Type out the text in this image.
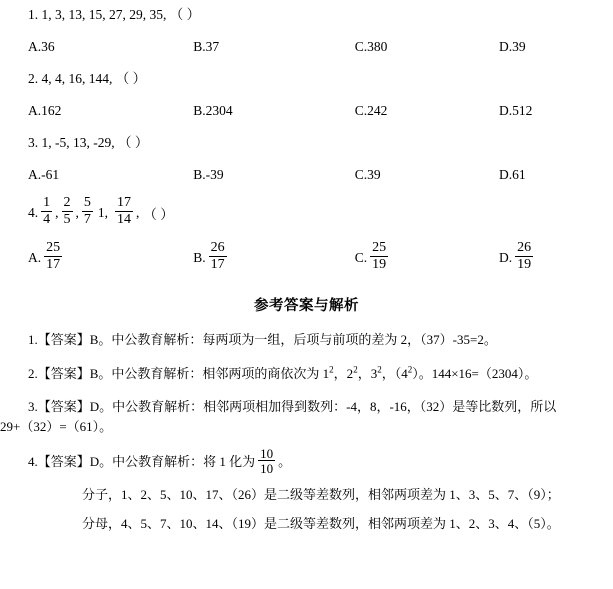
1. 1, 3, 13, 15, 27, 29, 35, （ ）
A.36	B.37	C.380	D.39
2. 4, 4, 16, 144, （ ）
A.162	B.2304	C.242	D.512
3. 1, -5, 13, -29, （ ）
A.-61	B.-39	C.39	D.61
4. $\frac{1}{4}$ , $\frac{2}{5}$ , $\frac{5}{7} 1$, $\frac{17}{14}$ , （ ）
A. $\frac{25}{17}$	B. $\frac{26}{17}$	C. $\frac{25}{19}$	D. $\frac{26}{19}$
参考答案与解析
1.【答案】B。中公教育解析：每两项为一组，后项与前项的差为 2，（37）-35=2。
2.【答案】B。中公教育解析：相邻两项的商依次为 $1^2$，$2^2$，$3^2$，$(4^2)$。144×16=（2304）。
3.【答案】D。中公教育解析：相邻两项相加得到数列：-4，8，-16，（32）是等比数列，所以
29+（32）=（61）。
4.【答案】D。中公教育解析：将 1 化为 $\frac{10}{10}$ 。
分子，1、2、5、10、17、（26）是二级等差数列，相邻两项差为 1、3、5、7、（9）；
分母，4、5、7、10、14、（19）是二级等差数列，相邻两项差为 1、2、3、4、（5）。
